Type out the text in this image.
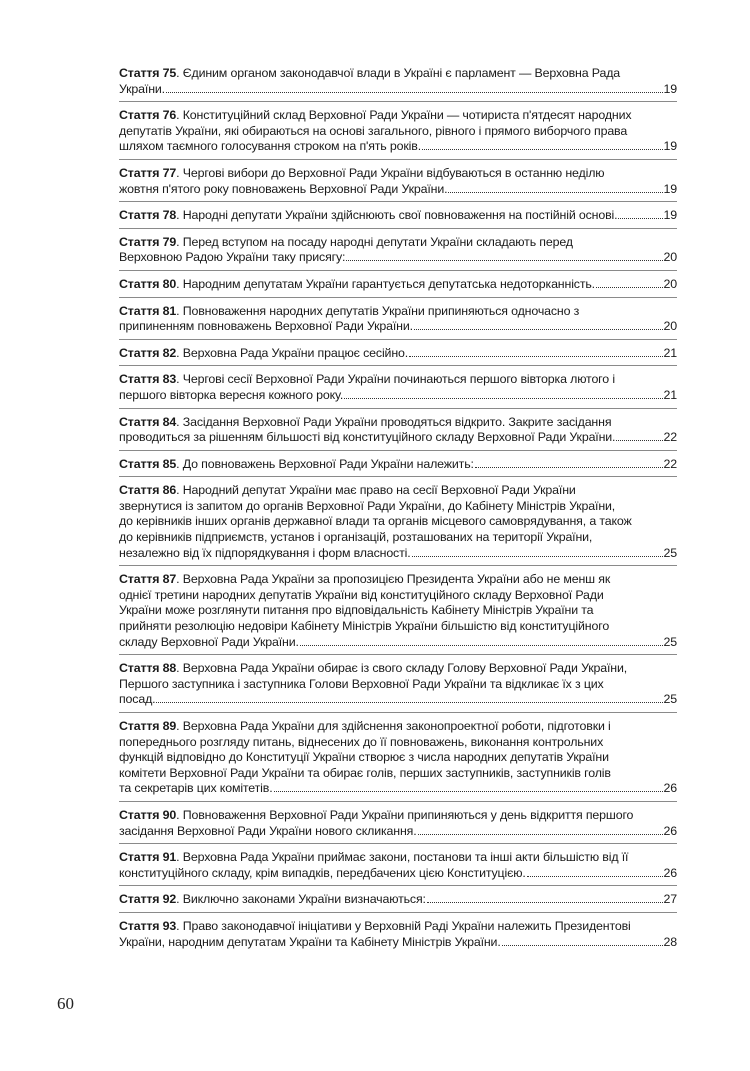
Стаття 75 . Єдиним органом законодавчої влади в Україні є парламент — Верховна Рада
України.	19
Стаття 76 . Конституційний склад Верховної Ради України — чотириста п'ятдесят народних
депутатів України, які обираються на основі загального, рівного і прямого виборчого права
шляхом таємного голосування строком на п'ять років.	19
Стаття 77 . Чергові вибори до Верховної Ради України відбуваються в останню неділю
жовтня п'ятого року повноважень Верховної Ради України.	19
Стаття 78 . Народні депутати України здійснюють свої повноваження на постійній основі.	19
Стаття 79 . Перед вступом на посаду народні депутати України складають перед
Верховною Радою України таку присягу:	20
Стаття 80 . Народним депутатам України гарантується депутатська недоторканність.	20
Стаття 81 . Повноваження народних депутатів України припиняються одночасно з
припиненням повноважень Верховної Ради України.	20
Стаття 82 . Верховна Рада України працює сесійно.	21
Стаття 83 . Чергові сесії Верховної Ради України починаються першого вівторка лютого і
першого вівторка вересня кожного року.	21
Стаття 84 . Засідання Верховної Ради України проводяться відкрито. Закрите засідання
проводиться за рішенням більшості від конституційного складу Верховної Ради України.	22
Стаття 85 . До повноважень Верховної Ради України належить:	22
Стаття 86 . Народний депутат України має право на сесії Верховної Ради України
звернутися із запитом до органів Верховної Ради України, до Кабінету Міністрів України,
до керівників інших органів державної влади та органів місцевого самоврядування, а також
до керівників підприємств, установ і організацій, розташованих на території України,
незалежно від їх підпорядкування і форм власності.	25
Стаття 87 . Верховна Рада України за пропозицією Президента України або не менш як
однієї третини народних депутатів України від конституційного складу Верховної Ради
України може розглянути питання про відповідальність Кабінету Міністрів України та
прийняти резолюцію недовіри Кабінету Міністрів України більшістю від конституційного
складу Верховної Ради України.	25
Стаття 88 . Верховна Рада України обирає із свого складу Голову Верховної Ради України,
Першого заступника і заступника Голови Верховної Ради України та відкликає їх з цих
посад.	25
Стаття 89 . Верховна Рада України для здійснення законопроектної роботи, підготовки і
попереднього розгляду питань, віднесених до її повноважень, виконання контрольних
функцій відповідно до Конституції України створює з числа народних депутатів України
комітети Верховної Ради України та обирає голів, перших заступників, заступників голів
та секретарів цих комітетів.	26
Стаття 90 . Повноваження Верховної Ради України припиняються у день відкриття першого
засідання Верховної Ради України нового скликання.	26
Стаття 91 . Верховна Рада України приймає закони, постанови та інші акти більшістю від її
конституційного складу, крім випадків, передбачених цією Конституцією.	26
Стаття 92 . Виключно законами України визначаються:	27
Стаття 93 . Право законодавчої ініціативи у Верховній Раді України належить Президентові
України, народним депутатам України та Кабінету Міністрів України.	28
60
